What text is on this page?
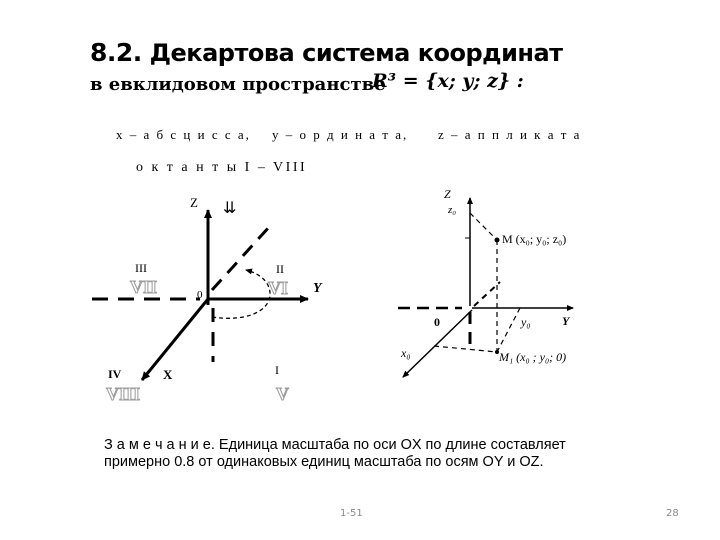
8.2. Декартова система координат
в евклидовом пространстве
R³ = {x; y; z} :
x – а б с ц и с с а, y – о р д и н а т а, z – а п п л и к а т а
о к т а н т ы I – VIII
Z ⇊
0	Y
X
III	II
IV	I
VII	VI
VIII	V
Z
z₀
M (x₀; y₀; z₀)
y₀	Y
0
x₀	M₁ (x₀ ; y₀; 0)
З а м е ч а н и е. Единица масштаба по оси OX по длине составляет
примерно 0.8 от одинаковых единиц масштаба по осям OY и OZ.
1-51	28
